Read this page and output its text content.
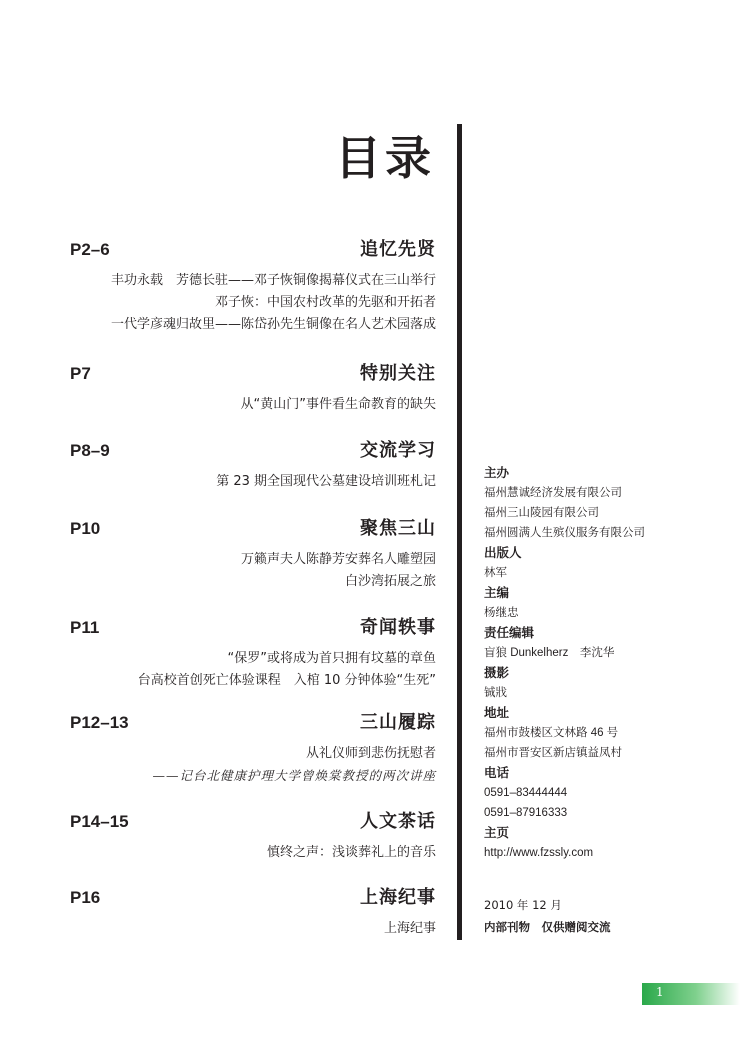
目录
P2–6	追忆先贤
丰功永载　芳德长驻——邓子恢铜像揭幕仪式在三山举行
邓子恢：中国农村改革的先驱和开拓者
一代学彦魂归故里——陈岱孙先生铜像在名人艺术园落成
P7	特别关注
从“黄山门”事件看生命教育的缺失
P8–9	交流学习
第 23 期全国现代公墓建设培训班札记
P10	聚焦三山
万籁声夫人陈静芳安葬名人雕塑园
白沙湾拓展之旅
P11	奇闻轶事
“保罗”或将成为首只拥有坟墓的章鱼
台高校首创死亡体验课程　入棺 10 分钟体验“生死”
P12–13	三山履踪
从礼仪师到悲伤抚慰者
——记台北健康护理大学曾焕棠教授的两次讲座
P14–15	人文茶话
慎终之声：浅谈葬礼上的音乐
P16	上海纪事
上海纪事
主办
福州慧诚经济发展有限公司
福州三山陵园有限公司
福州圆满人生殡仪服务有限公司
出版人
林军
主编
杨继忠
责任编辑
盲狼 Dunkelherz　李沈华
摄影
铖戕
地址
福州市鼓楼区文林路 46 号
福州市晋安区新店镇益凤村
电话
0591–83444444
0591–87916333
主页
http://www.fzssly.com
2010 年 12 月
内部刊物　仅供赠阅交流
1
